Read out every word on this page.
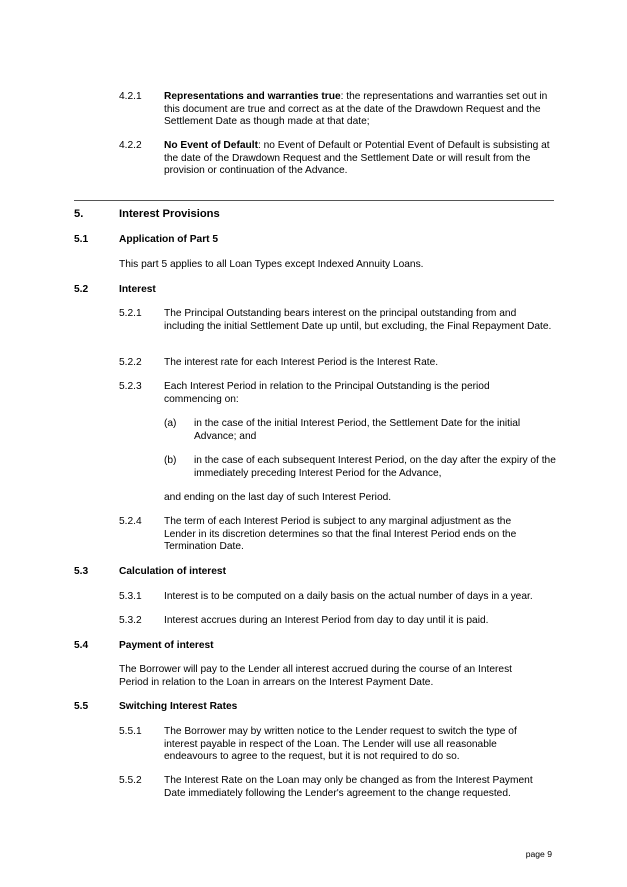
4.2.1 Representations and warranties true: the representations and warranties set out in this document are true and correct as at the date of the Drawdown Request and the Settlement Date as though made at that date;
4.2.2 No Event of Default: no Event of Default or Potential Event of Default is subsisting at the date of the Drawdown Request and the Settlement Date or will result from the provision or continuation of the Advance.
5.	Interest Provisions
5.1	Application of Part 5
This part 5 applies to all Loan Types except Indexed Annuity Loans.
5.2	Interest
5.2.1 The Principal Outstanding bears interest on the principal outstanding from and including the initial Settlement Date up until, but excluding, the Final Repayment Date.
5.2.2 The interest rate for each Interest Period is the Interest Rate.
5.2.3 Each Interest Period in relation to the Principal Outstanding is the period commencing on:
(a) in the case of the initial Interest Period, the Settlement Date for the initial Advance; and
(b) in the case of each subsequent Interest Period, on the day after the expiry of the immediately preceding Interest Period for the Advance,
and ending on the last day of such Interest Period.
5.2.4 The term of each Interest Period is subject to any marginal adjustment as the Lender in its discretion determines so that the final Interest Period ends on the Termination Date.
5.3	Calculation of interest
5.3.1 Interest is to be computed on a daily basis on the actual number of days in a year.
5.3.2 Interest accrues during an Interest Period from day to day until it is paid.
5.4	Payment of interest
The Borrower will pay to the Lender all interest accrued during the course of an Interest Period in relation to the Loan in arrears on the Interest Payment Date.
5.5	Switching Interest Rates
5.5.1 The Borrower may by written notice to the Lender request to switch the type of interest payable in respect of the Loan. The Lender will use all reasonable endeavours to agree to the request, but it is not required to do so.
5.5.2 The Interest Rate on the Loan may only be changed as from the Interest Payment Date immediately following the Lender's agreement to the change requested.
page 9
